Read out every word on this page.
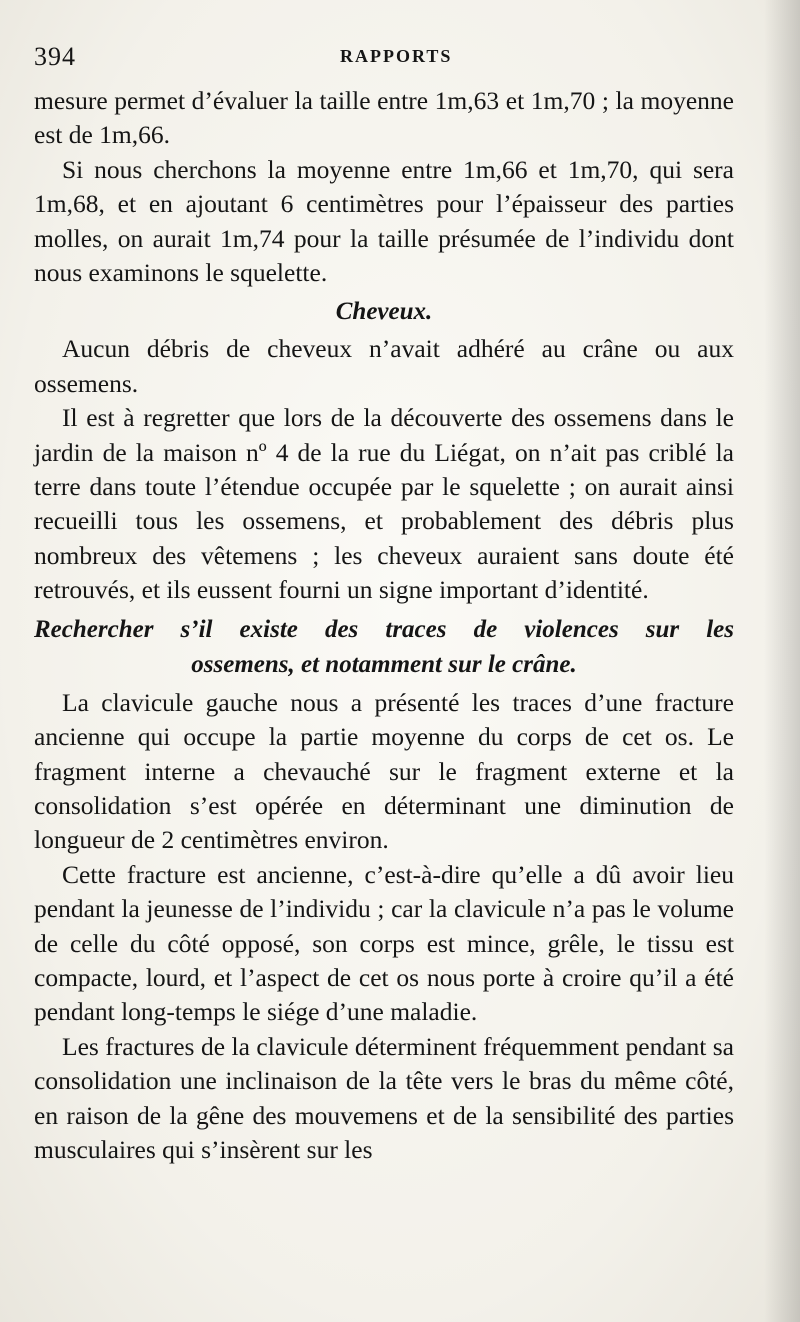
394	RAPPORTS

mesure permet d’évaluer la taille entre 1m,63 et 1m,70 ; la moyenne est de 1m,66.

Si nous cherchons la moyenne entre 1m,66 et 1m,70, qui sera 1m,68, et en ajoutant 6 centimètres pour l’épaisseur des parties molles, on aurait 1m,74 pour la taille présumée de l’individu dont nous examinons le squelette.

Cheveux.

Aucun débris de cheveux n’avait adhéré au crâne ou aux ossemens.

Il est à regretter que lors de la découverte des ossemens dans le jardin de la maison nº 4 de la rue du Liégat, on n’ait pas criblé la terre dans toute l’étendue occupée par le squelette ; on aurait ainsi recueilli tous les ossemens, et probablement des débris plus nombreux des vêtemens ; les cheveux auraient sans doute été retrouvés, et ils eussent fourni un signe important d’identité.

Rechercher s’il existe des traces de violences sur les
ossemens, et notamment sur le crâne.

La clavicule gauche nous a présenté les traces d’une fracture ancienne qui occupe la partie moyenne du corps de cet os. Le fragment interne a chevauché sur le fragment externe et la consolidation s’est opérée en déterminant une diminution de longueur de 2 centimètres environ.

Cette fracture est ancienne, c’est-à-dire qu’elle a dû avoir lieu pendant la jeunesse de l’individu ; car la clavicule n’a pas le volume de celle du côté opposé, son corps est mince, grêle, le tissu est compacte, lourd, et l’aspect de cet os nous porte à croire qu’il a été pendant long-temps le siége d’une maladie.

Les fractures de la clavicule déterminent fréquemment pendant sa consolidation une inclinaison de la tête vers le bras du même côté, en raison de la gêne des mouvemens et de la sensibilité des parties musculaires qui s’insèrent sur les
